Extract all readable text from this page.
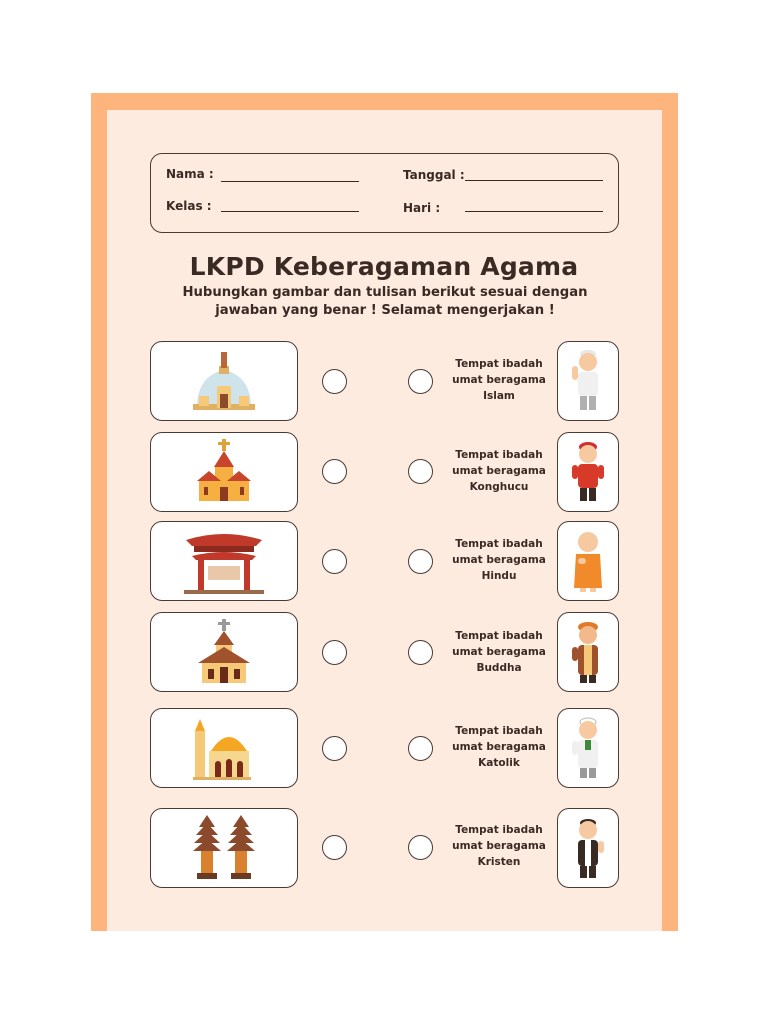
Nama :
Kelas :
Tanggal :
Hari :
LKPD Keberagaman Agama
Hubungkan gambar dan tulisan berikut sesuai dengan jawaban yang benar ! Selamat mengerjakan !
Tempat ibadah
umat beragama
Islam
Tempat ibadah
umat beragama
Konghucu
Tempat ibadah
umat beragama
Hindu
Tempat ibadah
umat beragama
Buddha
Tempat ibadah
umat beragama
Katolik
Tempat ibadah
umat beragama
Kristen
